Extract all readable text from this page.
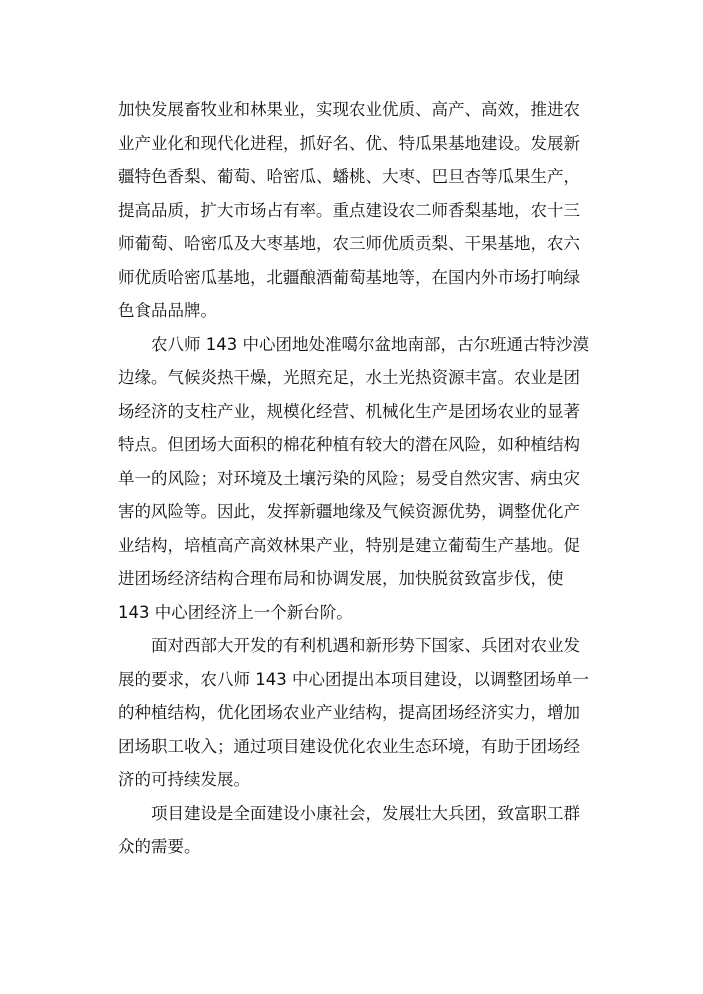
加快发展畜牧业和林果业，实现农业优质、高产、高效，推进农
业产业化和现代化进程，抓好名、优、特瓜果基地建设。发展新
疆特色香梨、葡萄、哈密瓜、蟠桃、大枣、巴旦杏等瓜果生产，
提高品质，扩大市场占有率。重点建设农二师香梨基地，农十三
师葡萄、哈密瓜及大枣基地，农三师优质贡梨、干果基地，农六
师优质哈密瓜基地，北疆酿酒葡萄基地等，在国内外市场打响绿
色食品品牌。
农八师 143 中心团地处准噶尔盆地南部，古尔班通古特沙漠
边缘。气候炎热干燥，光照充足，水土光热资源丰富。农业是团
场经济的支柱产业，规模化经营、机械化生产是团场农业的显著
特点。但团场大面积的棉花种植有较大的潜在风险，如种植结构
单一的风险；对环境及土壤污染的风险；易受自然灾害、病虫灾
害的风险等。因此，发挥新疆地缘及气候资源优势，调整优化产
业结构，培植高产高效林果产业，特别是建立葡萄生产基地。促
进团场经济结构合理布局和协调发展，加快脱贫致富步伐，使
143 中心团经济上一个新台阶。
面对西部大开发的有利机遇和新形势下国家、兵团对农业发
展的要求，农八师 143 中心团提出本项目建设，以调整团场单一
的种植结构，优化团场农业产业结构，提高团场经济实力，增加
团场职工收入；通过项目建设优化农业生态环境，有助于团场经
济的可持续发展。
项目建设是全面建设小康社会，发展壮大兵团，致富职工群
众的需要。
